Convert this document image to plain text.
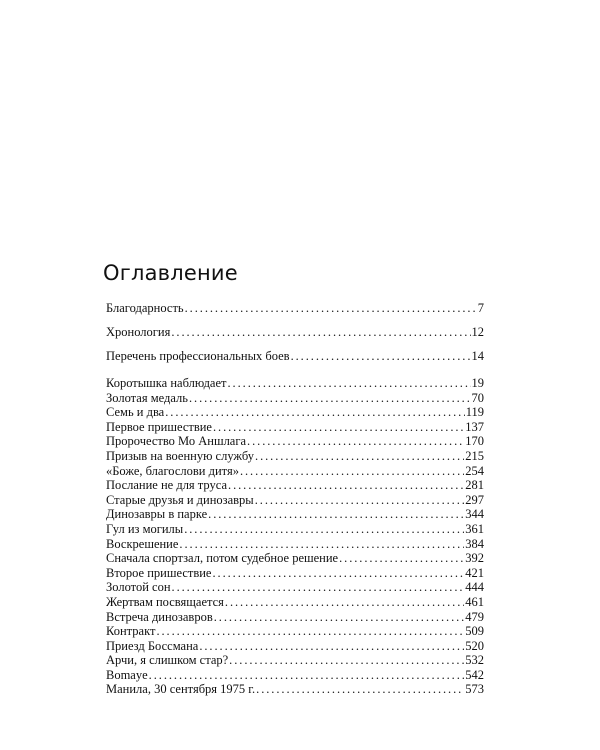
Оглавление
Благодарность . . .	7
Хронология . . .	12
Перечень профессиональных боев . . .	14
Коротышка наблюдает . . .	19
Золотая медаль . . .	70
Семь и два . . .	119
Первое пришествие . . .	137
Пророчество Мо Аншлага . . .	170
Призыв на военную службу . . .	215
«Боже, благослови дитя» . . .	254
Послание не для труса . . .	281
Старые друзья и динозавры . . .	297
Динозавры в парке . . .	344
Гул из могилы . . .	361
Воскрешение . . .	384
Сначала спортзал, потом судебное решение . . .	392
Второе пришествие . . .	421
Золотой сон . . .	444
Жертвам посвящается . . .	461
Встреча динозавров . . .	479
Контракт . . .	509
Приезд Боссмана . . .	520
Арчи, я слишком стар? . . .	532
Bomaye . . .	542
Манила, 30 сентября 1975 г. . . .	573
